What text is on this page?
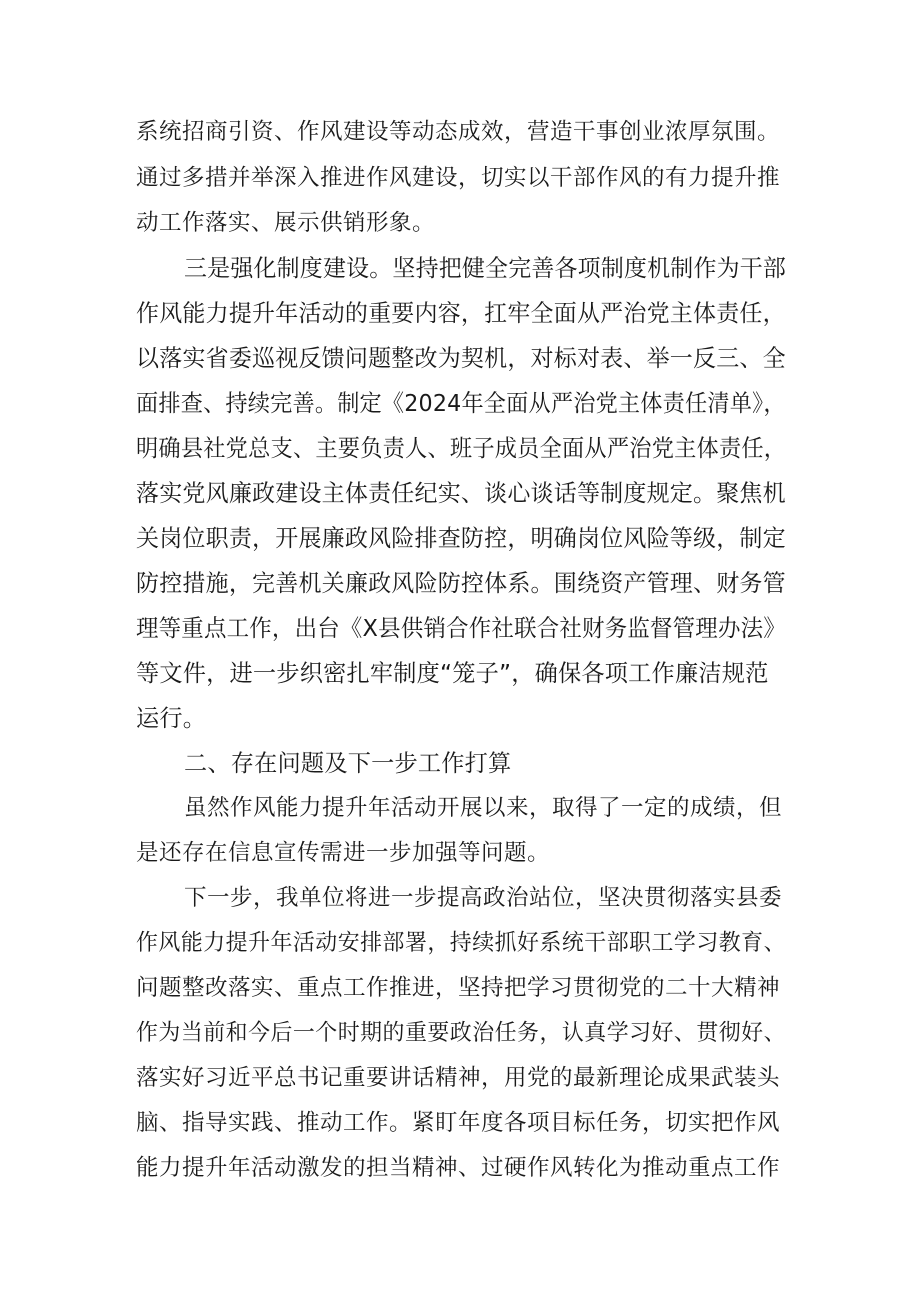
系统招商引资、作风建设等动态成效，营造干事创业浓厚氛围。
通过多措并举深入推进作风建设，切实以干部作风的有力提升推
动工作落实、展示供销形象。
三是强化制度建设。坚持把健全完善各项制度机制作为干部
作风能力提升年活动的重要内容，扛牢全面从严治党主体责任，
以落实省委巡视反馈问题整改为契机，对标对表、举一反三、全
面排查、持续完善。制定《2024年全面从严治党主体责任清单》，
明确县社党总支、主要负责人、班子成员全面从严治党主体责任，
落实党风廉政建设主体责任纪实、谈心谈话等制度规定。聚焦机
关岗位职责，开展廉政风险排查防控，明确岗位风险等级，制定
防控措施，完善机关廉政风险防控体系。围绕资产管理、财务管
理等重点工作，出台《X县供销合作社联合社财务监督管理办法》
等文件，进一步织密扎牢制度“笼子”，确保各项工作廉洁规范
运行。
二、存在问题及下一步工作打算
虽然作风能力提升年活动开展以来，取得了一定的成绩，但
是还存在信息宣传需进一步加强等问题。
下一步，我单位将进一步提高政治站位，坚决贯彻落实县委
作风能力提升年活动安排部署，持续抓好系统干部职工学习教育、
问题整改落实、重点工作推进，坚持把学习贯彻党的二十大精神
作为当前和今后一个时期的重要政治任务，认真学习好、贯彻好、
落实好习近平总书记重要讲话精神，用党的最新理论成果武装头
脑、指导实践、推动工作。紧盯年度各项目标任务，切实把作风
能力提升年活动激发的担当精神、过硬作风转化为推动重点工作
